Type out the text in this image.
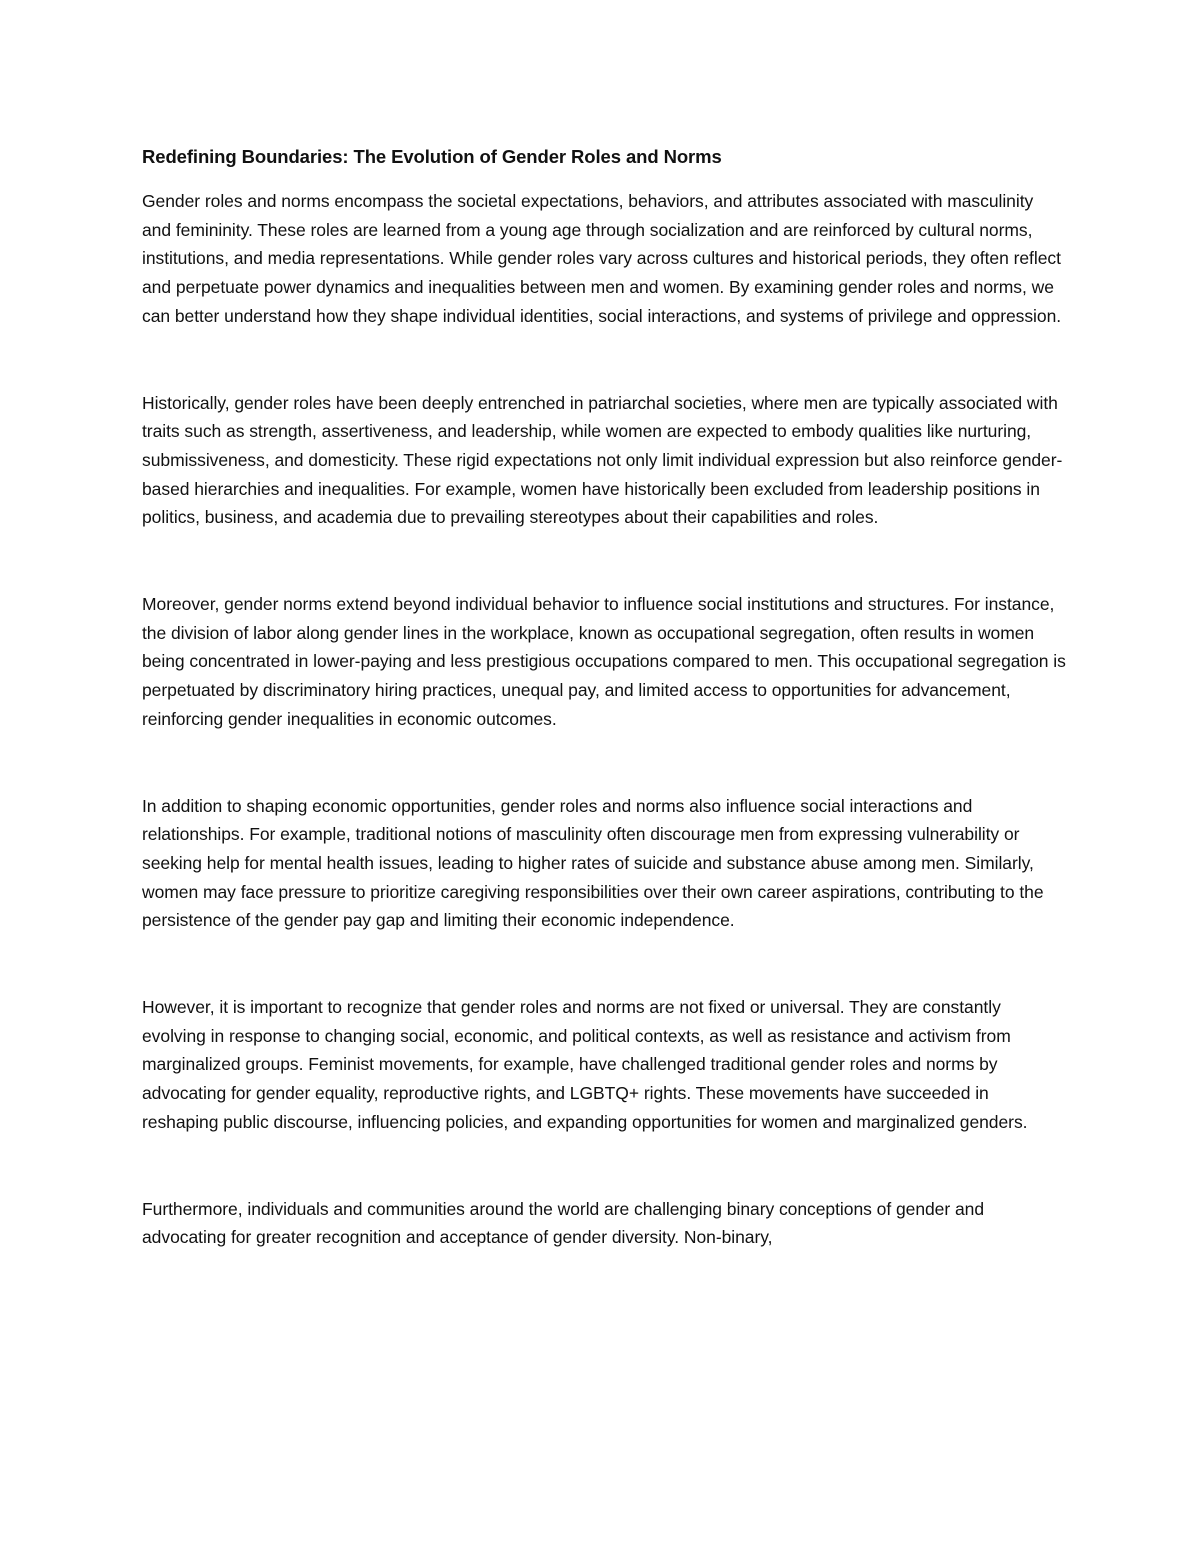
Redefining Boundaries: The Evolution of Gender Roles and Norms

Gender roles and norms encompass the societal expectations, behaviors, and attributes associated with masculinity and femininity. These roles are learned from a young age through socialization and are reinforced by cultural norms, institutions, and media representations. While gender roles vary across cultures and historical periods, they often reflect and perpetuate power dynamics and inequalities between men and women. By examining gender roles and norms, we can better understand how they shape individual identities, social interactions, and systems of privilege and oppression.

Historically, gender roles have been deeply entrenched in patriarchal societies, where men are typically associated with traits such as strength, assertiveness, and leadership, while women are expected to embody qualities like nurturing, submissiveness, and domesticity. These rigid expectations not only limit individual expression but also reinforce gender-based hierarchies and inequalities. For example, women have historically been excluded from leadership positions in politics, business, and academia due to prevailing stereotypes about their capabilities and roles.

Moreover, gender norms extend beyond individual behavior to influence social institutions and structures. For instance, the division of labor along gender lines in the workplace, known as occupational segregation, often results in women being concentrated in lower-paying and less prestigious occupations compared to men. This occupational segregation is perpetuated by discriminatory hiring practices, unequal pay, and limited access to opportunities for advancement, reinforcing gender inequalities in economic outcomes.

In addition to shaping economic opportunities, gender roles and norms also influence social interactions and relationships. For example, traditional notions of masculinity often discourage men from expressing vulnerability or seeking help for mental health issues, leading to higher rates of suicide and substance abuse among men. Similarly, women may face pressure to prioritize caregiving responsibilities over their own career aspirations, contributing to the persistence of the gender pay gap and limiting their economic independence.

However, it is important to recognize that gender roles and norms are not fixed or universal. They are constantly evolving in response to changing social, economic, and political contexts, as well as resistance and activism from marginalized groups. Feminist movements, for example, have challenged traditional gender roles and norms by advocating for gender equality, reproductive rights, and LGBTQ+ rights. These movements have succeeded in reshaping public discourse, influencing policies, and expanding opportunities for women and marginalized genders.

Furthermore, individuals and communities around the world are challenging binary conceptions of gender and advocating for greater recognition and acceptance of gender diversity. Non-binary,
